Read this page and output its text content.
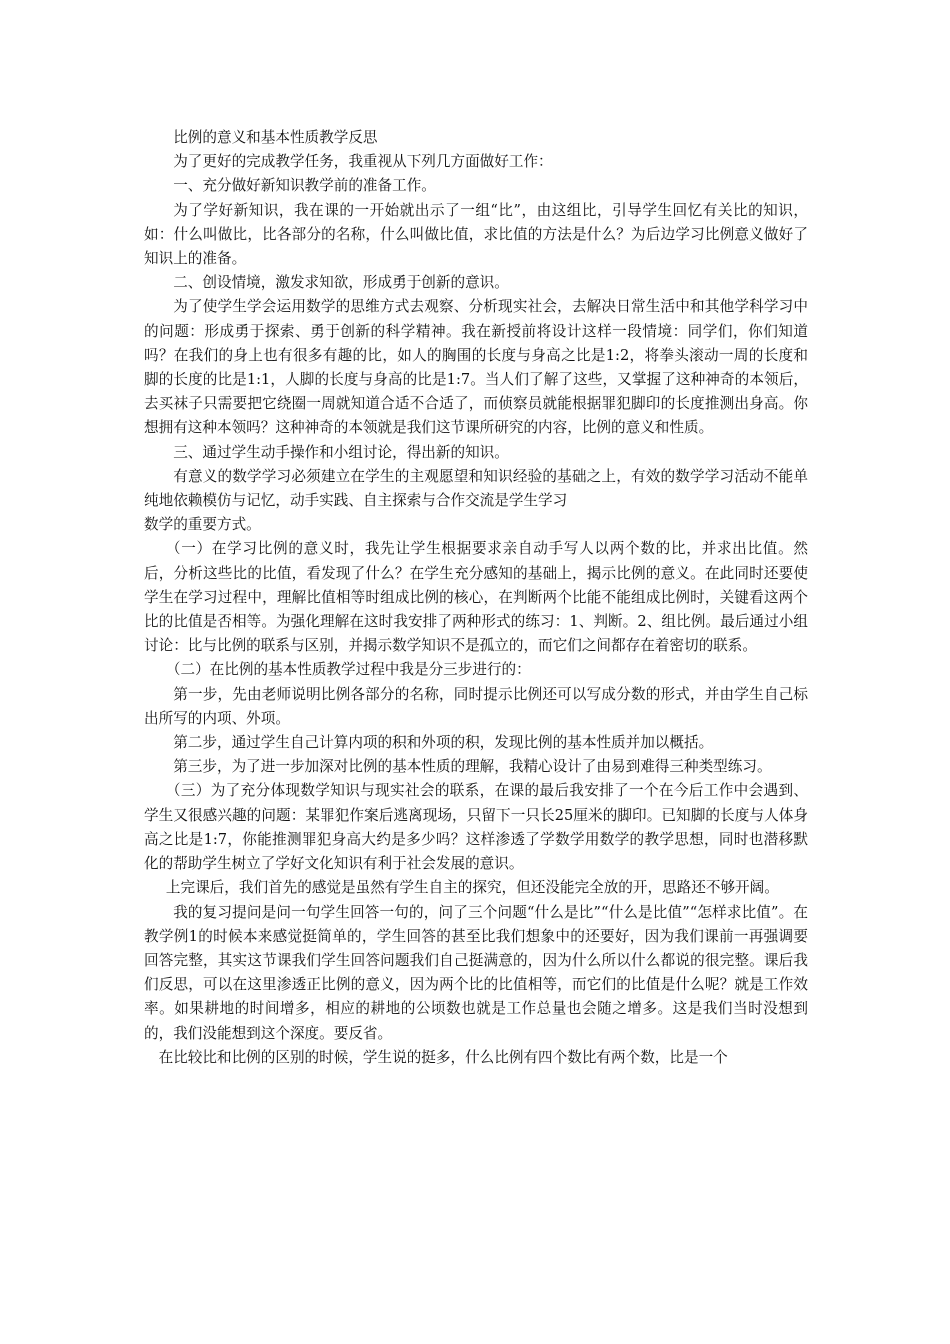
比例的意义和基本性质教学反思

为了更好的完成教学任务，我重视从下列几方面做好工作：

一、充分做好新知识教学前的准备工作。

为了学好新知识，我在课的一开始就出示了一组“比”，由这组比，引导学生回忆有关比的知识，如：什么叫做比，比各部分的名称，什么叫做比值，求比值的方法是什么？为后边学习比例意义做好了知识上的准备。

二、创设情境，激发求知欲，形成勇于创新的意识。

为了使学生学会运用数学的思维方式去观察、分析现实社会，去解决日常生活中和其他学科学习中的问题：形成勇于探索、勇于创新的科学精神。我在新授前将设计这样一段情境：同学们，你们知道吗？在我们的身上也有很多有趣的比，如人的胸围的长度与身高之比是1:2，将拳头滚动一周的长度和脚的长度的比是1:1，人脚的长度与身高的比是1:7。当人们了解了这些，又掌握了这种神奇的本领后，去买袜子只需要把它绕圈一周就知道合适不合适了，而侦察员就能根据罪犯脚印的长度推测出身高。你想拥有这种本领吗？这种神奇的本领就是我们这节课所研究的内容，比例的意义和性质。

三、通过学生动手操作和小组讨论，得出新的知识。

有意义的数学学习必须建立在学生的主观愿望和知识经验的基础之上，有效的数学学习活动不能单纯地依赖模仿与记忆，动手实践、自主探索与合作交流是学生学习

数学的重要方式。

（一）在学习比例的意义时，我先让学生根据要求亲自动手写人以两个数的比，并求出比值。然后，分析这些比的比值，看发现了什么？在学生充分感知的基础上，揭示比例的意义。在此同时还要使学生在学习过程中，理解比值相等时组成比例的核心，在判断两个比能不能组成比例时，关键看这两个比的比值是否相等。为强化理解在这时我安排了两种形式的练习：1、判断。2、组比例。最后通过小组讨论：比与比例的联系与区别，并揭示数学知识不是孤立的，而它们之间都存在着密切的联系。

（二）在比例的基本性质教学过程中我是分三步进行的：

第一步，先由老师说明比例各部分的名称，同时提示比例还可以写成分数的形式，并由学生自己标出所写的内项、外项。

第二步，通过学生自己计算内项的积和外项的积，发现比例的基本性质并加以概括。

第三步，为了进一步加深对比例的基本性质的理解，我精心设计了由易到难得三种类型练习。

（三）为了充分体现数学知识与现实社会的联系，在课的最后我安排了一个在今后工作中会遇到、学生又很感兴趣的问题：某罪犯作案后逃离现场，只留下一只长25厘米的脚印。已知脚的长度与人体身高之比是1:7，你能推测罪犯身高大约是多少吗？这样渗透了学数学用数学的教学思想，同时也潜移默化的帮助学生树立了学好文化知识有利于社会发展的意识。

上完课后，我们首先的感觉是虽然有学生自主的探究，但还没能完全放的开，思路还不够开阔。

我的复习提问是问一句学生回答一句的，问了三个问题“什么是比”“什么是比值”“怎样求比值”。在教学例1的时候本来感觉挺简单的，学生回答的甚至比我们想象中的还要好，因为我们课前一再强调要回答完整，其实这节课我们学生回答问题我们自己挺满意的，因为什么所以什么都说的很完整。课后我们反思，可以在这里渗透正比例的意义，因为两个比的比值相等，而它们的比值是什么呢？就是工作效率。如果耕地的时间增多，相应的耕地的公顷数也就是工作总量也会随之增多。这是我们当时没想到的，我们没能想到这个深度。要反省。

在比较比和比例的区别的时候，学生说的挺多，什么比例有四个数比有两个数，比是一个
